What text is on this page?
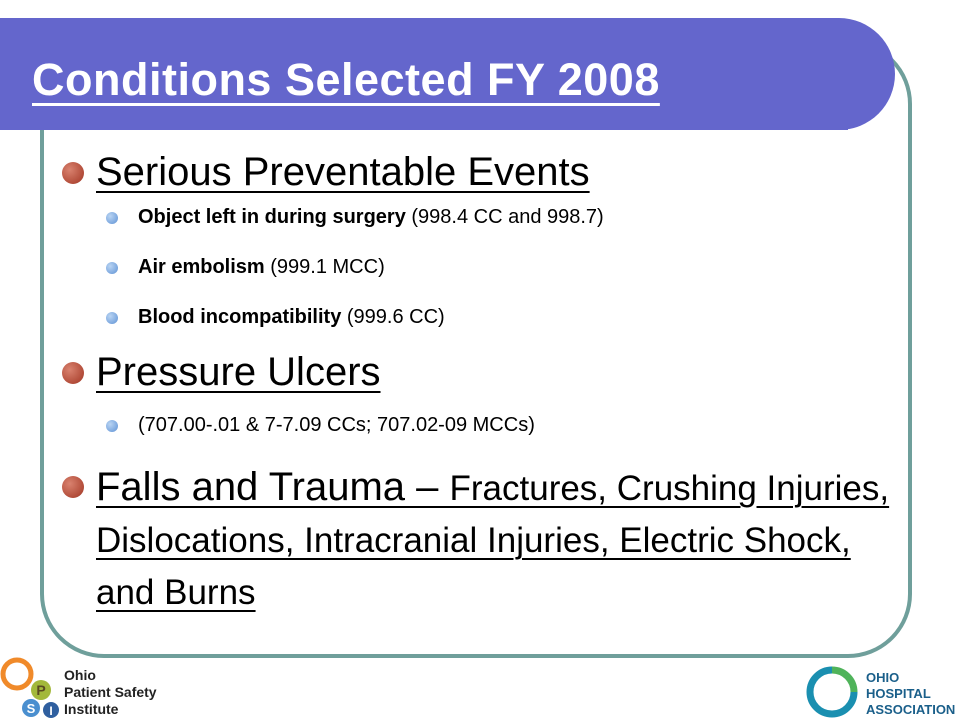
Conditions Selected FY 2008
Serious Preventable Events
Object left in during surgery (998.4 CC and 998.7)
Air embolism (999.1 MCC)
Blood incompatibility (999.6 CC)
Pressure Ulcers
(707.00-.01 & 7-7.09 CCs; 707.02-09 MCCs)
Falls and Trauma – Fractures, Crushing Injuries, Dislocations, Intracranial Injuries, Electric Shock, and Burns
P
S I
Ohio
Patient Safety
Institute
OHIO
HOSPITAL
ASSOCIATION
